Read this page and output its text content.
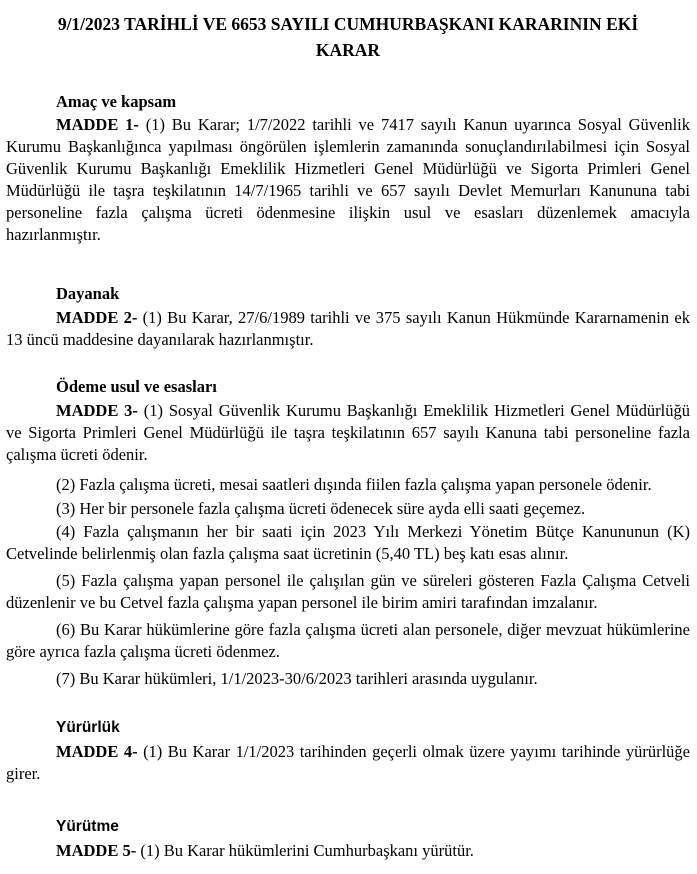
9/1/2023 TARİHLİ VE 6653 SAYILI CUMHURBAŞKANI KARARININ EKİ

KARAR

Amaç ve kapsam

MADDE 1- (1) Bu Karar; 1/7/2022 tarihli ve 7417 sayılı Kanun uyarınca Sosyal Güvenlik Kurumu Başkanlığınca yapılması öngörülen işlemlerin zamanında sonuçlandırılabilmesi için Sosyal Güvenlik Kurumu Başkanlığı Emeklilik Hizmetleri Genel Müdürlüğü ve Sigorta Primleri Genel Müdürlüğü ile taşra teşkilatının 14/7/1965 tarihli ve 657 sayılı Devlet Memurları Kanununa tabi personeline fazla çalışma ücreti ödenmesine ilişkin usul ve esasları düzenlemek amacıyla hazırlanmıştır.

Dayanak

MADDE 2- (1) Bu Karar, 27/6/1989 tarihli ve 375 sayılı Kanun Hükmünde Kararnamenin ek 13 üncü maddesine dayanılarak hazırlanmıştır.

Ödeme usul ve esasları

MADDE 3- (1) Sosyal Güvenlik Kurumu Başkanlığı Emeklilik Hizmetleri Genel Müdürlüğü ve Sigorta Primleri Genel Müdürlüğü ile taşra teşkilatının 657 sayılı Kanuna tabi personeline fazla çalışma ücreti ödenir.

(2) Fazla çalışma ücreti, mesai saatleri dışında fiilen fazla çalışma yapan personele ödenir.

(3) Her bir personele fazla çalışma ücreti ödenecek süre ayda elli saati geçemez.

(4) Fazla çalışmanın her bir saati için 2023 Yılı Merkezi Yönetim Bütçe Kanununun (K) Cetvelinde belirlenmiş olan fazla çalışma saat ücretinin (5,40 TL) beş katı esas alınır.

(5) Fazla çalışma yapan personel ile çalışılan gün ve süreleri gösteren Fazla Çalışma Cetveli düzenlenir ve bu Cetvel fazla çalışma yapan personel ile birim amiri tarafından imzalanır.

(6) Bu Karar hükümlerine göre fazla çalışma ücreti alan personele, diğer mevzuat hükümlerine göre ayrıca fazla çalışma ücreti ödenmez.

(7) Bu Karar hükümleri, 1/1/2023-30/6/2023 tarihleri arasında uygulanır.

Yürürlük

MADDE 4- (1) Bu Karar 1/1/2023 tarihinden geçerli olmak üzere yayımı tarihinde yürürlüğe girer.

Yürütme

MADDE 5- (1) Bu Karar hükümlerini Cumhurbaşkanı yürütür.
